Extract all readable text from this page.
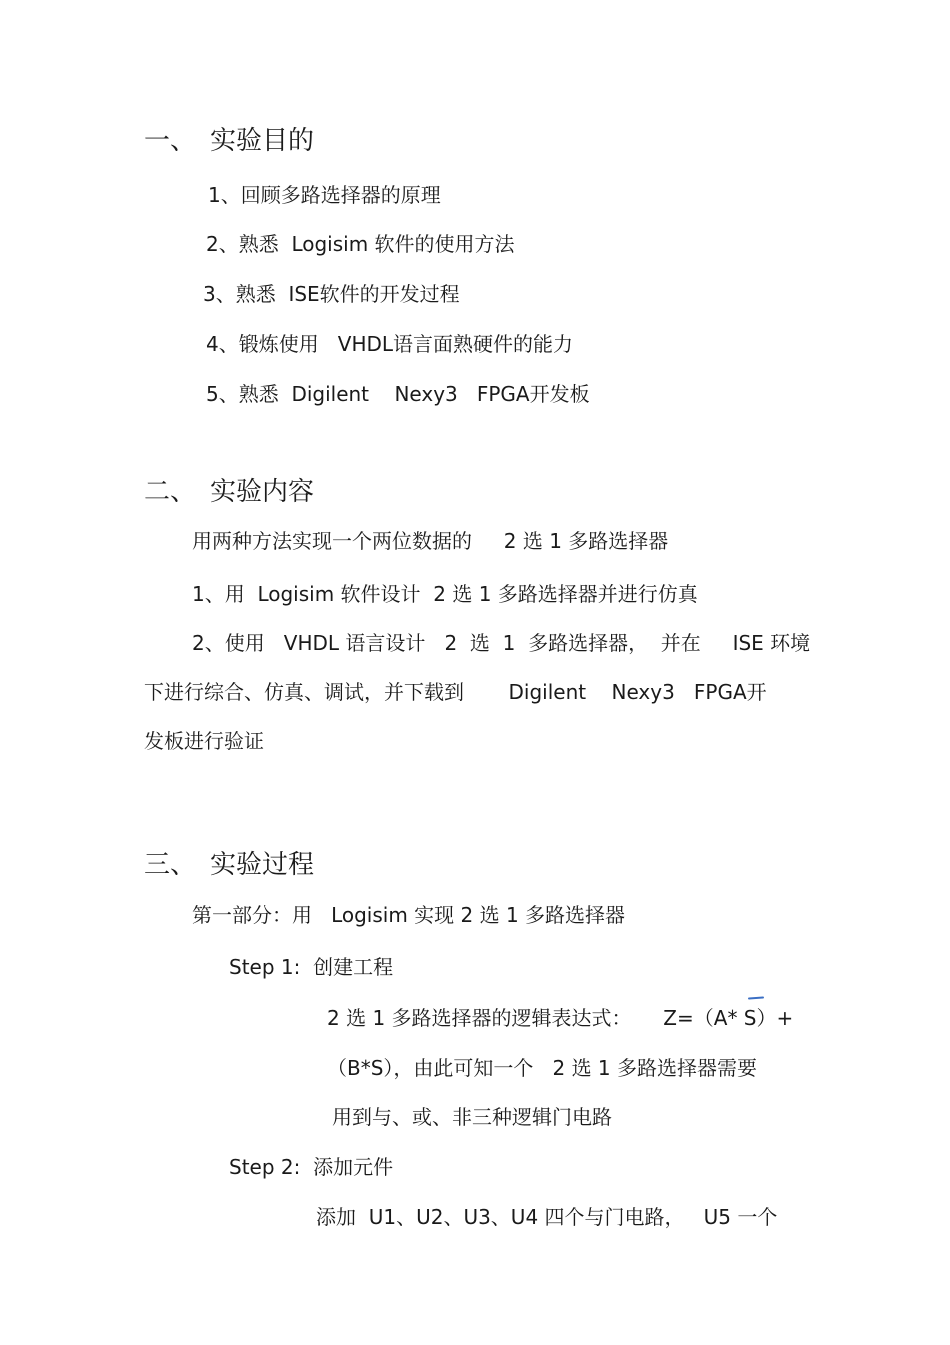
一、 实验目的
1、回顾多路选择器的原理
2、熟悉  Logisim 软件的使用方法
3、熟悉  ISE软件的开发过程
4、锻炼使用   VHDL语言面熟硬件的能力
5、熟悉  Digilent    Nexy3   FPGA开发板
二、 实验内容
用两种方法实现一个两位数据的     2 选 1 多路选择器
1、用  Logisim 软件设计  2 选 1 多路选择器并进行仿真
2、使用   VHDL 语言设计   2  选  1  多路选择器，  并在     ISE 环境
下进行综合、仿真、调试，并下载到       Digilent    Nexy3   FPGA开
发板进行验证
三、 实验过程
第一部分：用   Logisim 实现 2 选 1 多路选择器
Step 1:  创建工程
2 选 1 多路选择器的逻辑表达式：     Z=（A* S）+
（B*S），由此可知一个   2 选 1 多路选择器需要
用到与、或、非三种逻辑门电路
Step 2:  添加元件
添加  U1、U2、U3、U4 四个与门电路，   U5 一个
